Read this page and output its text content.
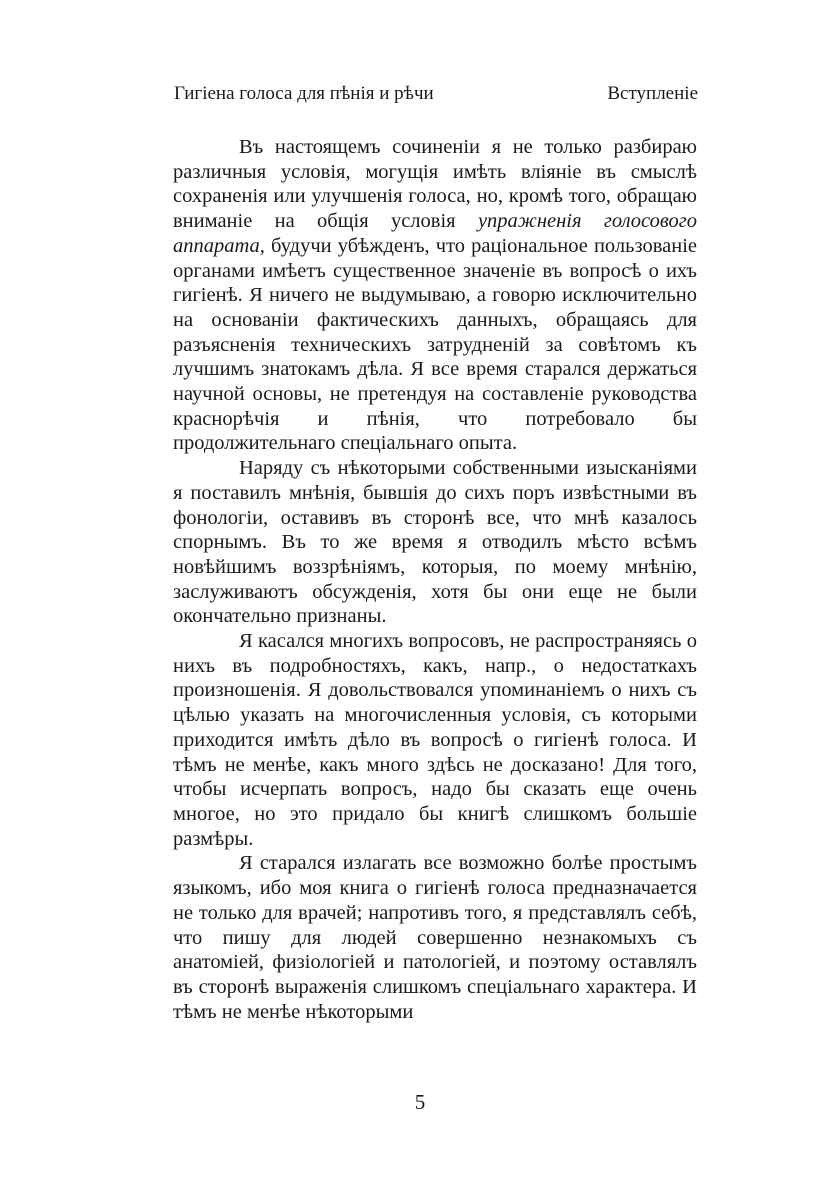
Гигіена голоса для пѣнія и рѣчи	Вступленіе

Въ настоящемъ сочиненіи я не только разбираю различныя условія, могущія имѣть вліяніе въ смыслѣ сохраненія или улучшенія голоса, но, кромѣ того, обращаю вниманіе на общія условія упражненія голосового аппарата, будучи убѣжденъ, что раціональное пользованіе органами имѣетъ существенное значеніе въ вопросѣ о ихъ гигіенѣ. Я ничего не выдумываю, а говорю исключительно на основаніи фактическихъ данныхъ, обращаясь для разъясненія техническихъ затрудненій за совѣтомъ къ лучшимъ знатокамъ дѣла. Я все время старался держаться научной основы, не претендуя на составленіе руководства краснорѣчія и пѣнія, что потребовало бы продолжительнаго спеціальнаго опыта.

Наряду съ нѣкоторыми собственными изысканіями я поставилъ мнѣнія, бывшія до сихъ поръ извѣстными въ фонологіи, оставивъ въ сторонѣ все, что мнѣ казалось спорнымъ. Въ то же время я отводилъ мѣсто всѣмъ новѣйшимъ воззрѣніямъ, которыя, по моему мнѣнію, заслуживаютъ обсужденія, хотя бы они еще не были окончательно признаны.

Я касался многихъ вопросовъ, не распространяясь о нихъ въ подробностяхъ, какъ, напр., о недостаткахъ произношенія. Я довольствовался упоминаніемъ о нихъ съ цѣлью указать на многочисленныя условія, съ которыми приходится имѣть дѣло въ вопросѣ о гигіенѣ голоса. И тѣмъ не менѣе, какъ много здѣсь не досказано! Для того, чтобы исчерпать вопросъ, надо бы сказать еще очень многое, но это придало бы книгѣ слишкомъ большіе размѣры.

Я старался излагать все возможно болѣе простымъ языкомъ, ибо моя книга о гигіенѣ голоса предназначается не только для врачей; напротивъ того, я представлялъ себѣ, что пишу для людей совершенно незнакомыхъ съ анатоміей, физіологіей и патологіей, и поэтому оставлялъ въ сторонѣ выраженія слишкомъ спеціальнаго характера. И тѣмъ не менѣе нѣкоторыми

5
